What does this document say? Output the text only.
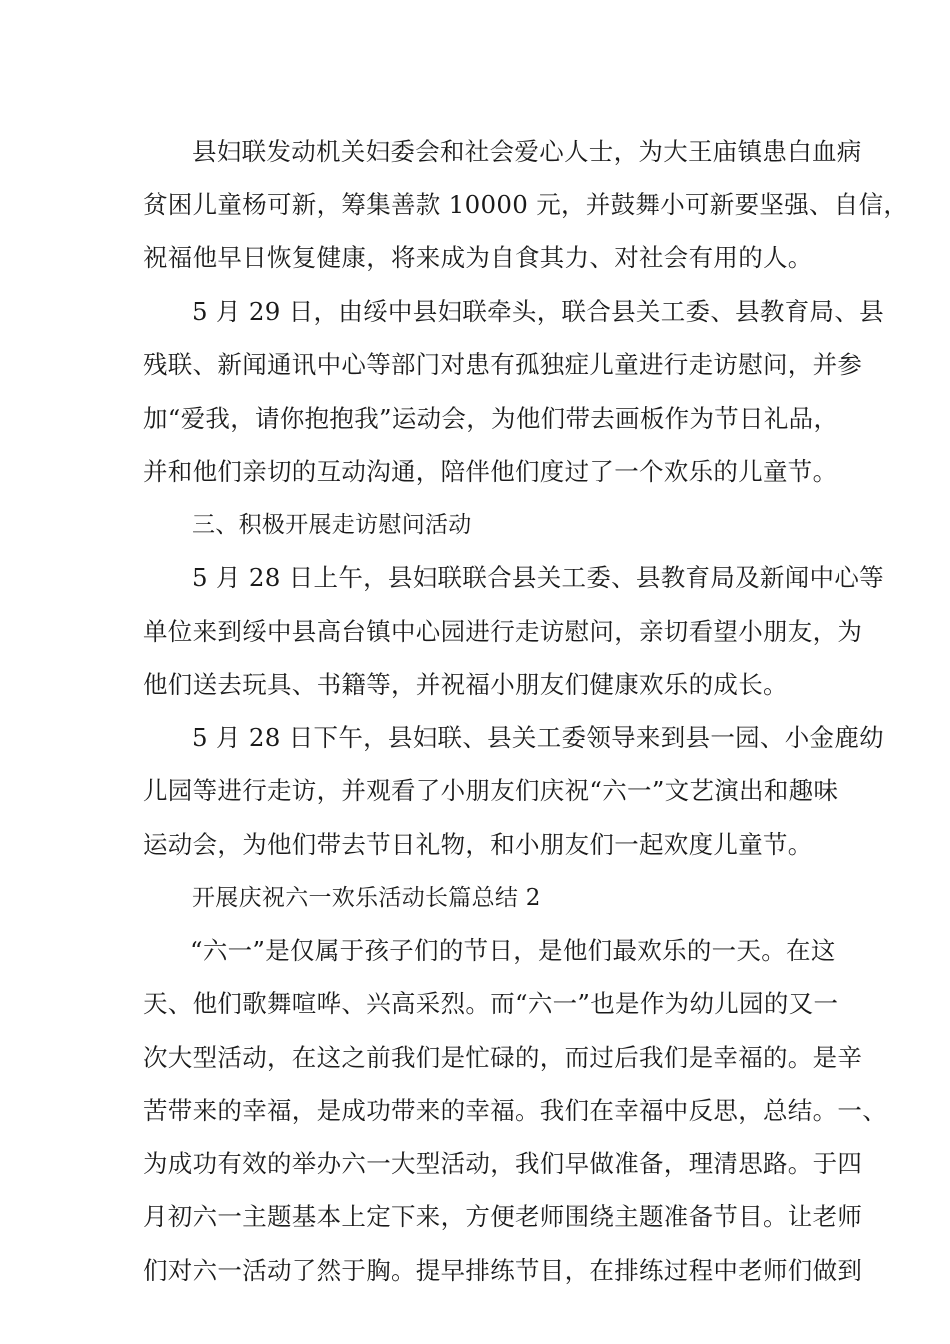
县妇联发动机关妇委会和社会爱心人士，为大王庙镇患白血病
贫困儿童杨可新，筹集善款 10000 元，并鼓舞小可新要坚强、自信，
祝福他早日恢复健康，将来成为自食其力、对社会有用的人。
5 月 29 日，由绥中县妇联牵头，联合县关工委、县教育局、县
残联、新闻通讯中心等部门对患有孤独症儿童进行走访慰问，并参
加“爱我，请你抱抱我”运动会，为他们带去画板作为节日礼品，
并和他们亲切的互动沟通，陪伴他们度过了一个欢乐的儿童节。
三、积极开展走访慰问活动
5 月 28 日上午，县妇联联合县关工委、县教育局及新闻中心等
单位来到绥中县高台镇中心园进行走访慰问，亲切看望小朋友，为
他们送去玩具、书籍等，并祝福小朋友们健康欢乐的成长。
5 月 28 日下午，县妇联、县关工委领导来到县一园、小金鹿幼
儿园等进行走访，并观看了小朋友们庆祝“六一”文艺演出和趣味
运动会，为他们带去节日礼物，和小朋友们一起欢度儿童节。
开展庆祝六一欢乐活动长篇总结 2
“六一”是仅属于孩子们的节日，是他们最欢乐的一天。在这
天、他们歌舞喧哗、兴高采烈。而“六一”也是作为幼儿园的又一
次大型活动，在这之前我们是忙碌的，而过后我们是幸福的。是辛
苦带来的幸福，是成功带来的幸福。我们在幸福中反思，总结。一、
为成功有效的举办六一大型活动，我们早做准备，理清思路。于四
月初六一主题基本上定下来，方便老师围绕主题准备节目。让老师
们对六一活动了然于胸。提早排练节目，在排练过程中老师们做到
